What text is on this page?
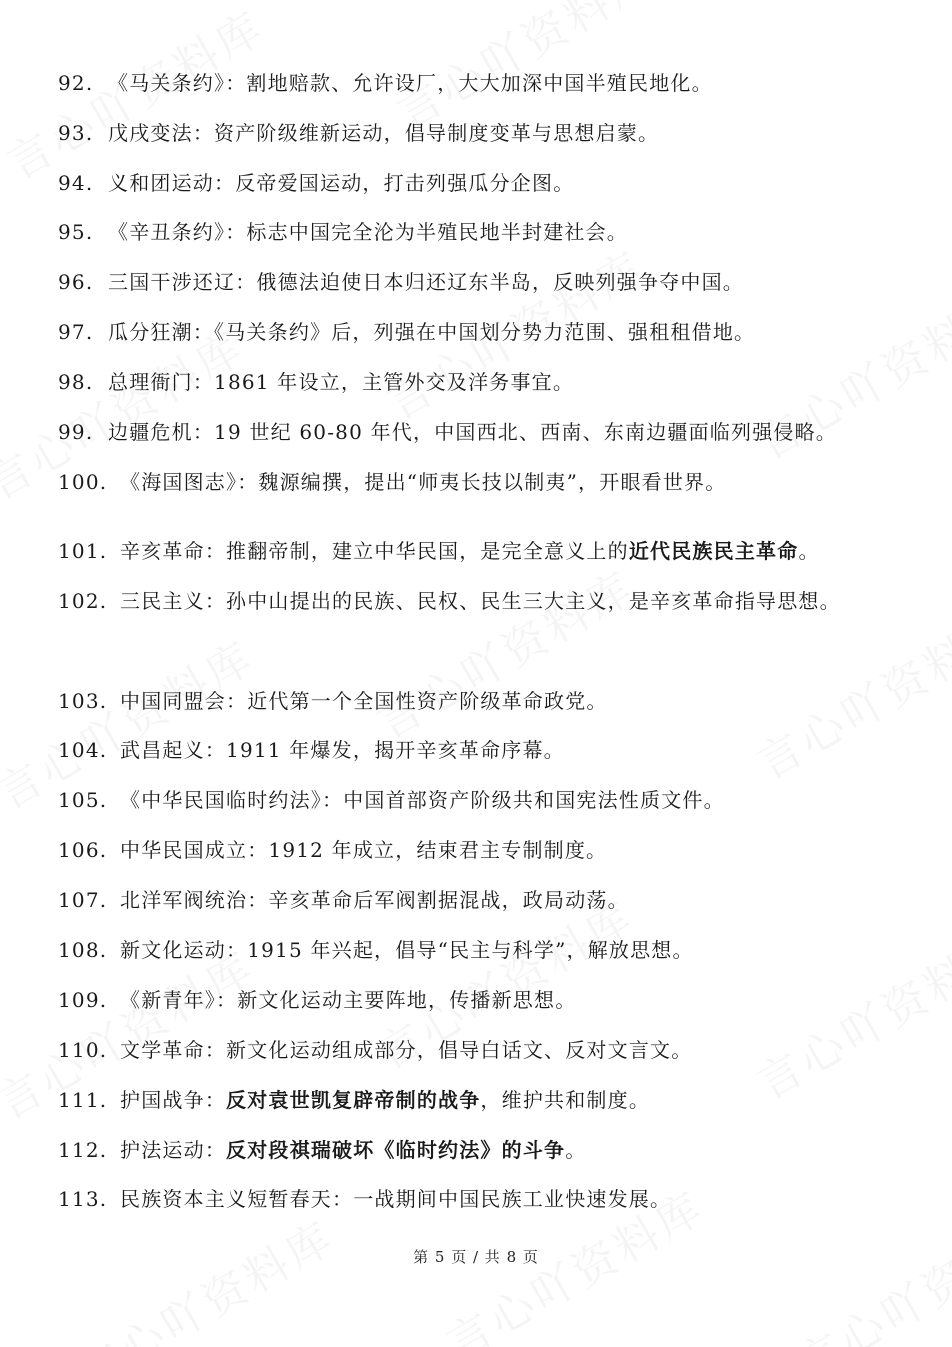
92. 《马关条约》：割地赔款、允许设厂，大大加深中国半殖民地化。
93. 戊戌变法：资产阶级维新运动，倡导制度变革与思想启蒙。
94. 义和团运动：反帝爱国运动，打击列强瓜分企图。
95. 《辛丑条约》：标志中国完全沦为半殖民地半封建社会。
96. 三国干涉还辽：俄德法迫使日本归还辽东半岛，反映列强争夺中国。
97. 瓜分狂潮：《马关条约》后，列强在中国划分势力范围、强租租借地。
98. 总理衙门：1861 年设立，主管外交及洋务事宜。
99. 边疆危机：19 世纪 60-80 年代，中国西北、西南、东南边疆面临列强侵略。
100. 《海国图志》：魏源编撰，提出“师夷长技以制夷”，开眼看世界。
101. 辛亥革命：推翻帝制，建立中华民国，是完全意义上的近代民族民主革命。
102. 三民主义：孙中山提出的民族、民权、民生三大主义，是辛亥革命指导思想。
103. 中国同盟会：近代第一个全国性资产阶级革命政党。
104. 武昌起义：1911 年爆发，揭开辛亥革命序幕。
105. 《中华民国临时约法》：中国首部资产阶级共和国宪法性质文件。
106. 中华民国成立：1912 年成立，结束君主专制制度。
107. 北洋军阀统治：辛亥革命后军阀割据混战，政局动荡。
108. 新文化运动：1915 年兴起，倡导“民主与科学”，解放思想。
109. 《新青年》：新文化运动主要阵地，传播新思想。
110. 文学革命：新文化运动组成部分，倡导白话文、反对文言文。
111. 护国战争：反对袁世凯复辟帝制的战争，维护共和制度。
112. 护法运动：反对段祺瑞破坏《临时约法》的斗争。
113. 民族资本主义短暂春天：一战期间中国民族工业快速发展。
第 5 页 / 共 8 页
